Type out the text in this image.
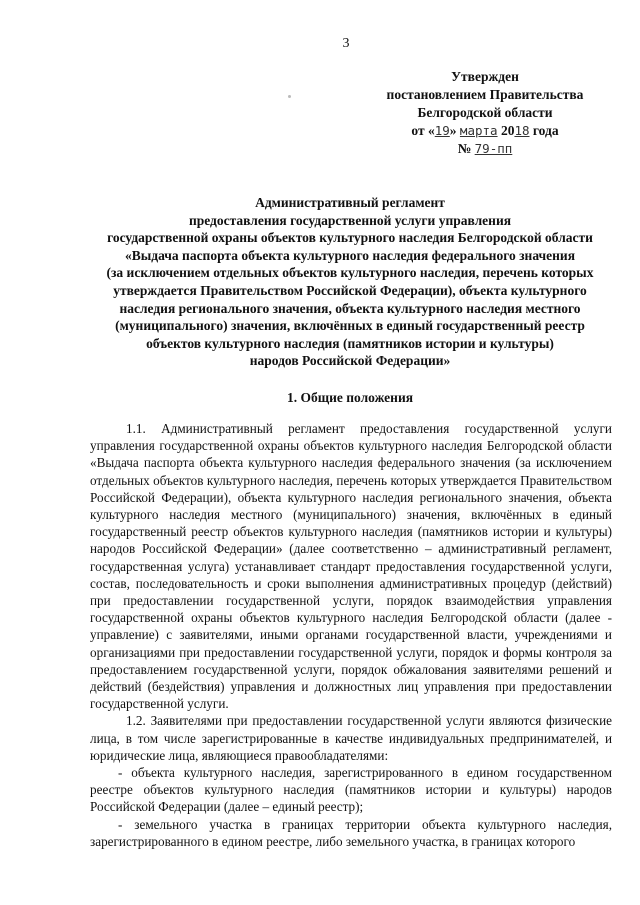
3
Утвержден
постановлением Правительства
Белгородской области
от «19» марта 2018 года
№ 79-пп
Административный регламент
предоставления государственной услуги управления
государственной охраны объектов культурного наследия Белгородской области
«Выдача паспорта объекта культурного наследия федерального значения
(за исключением отдельных объектов культурного наследия, перечень которых
утверждается Правительством Российской Федерации), объекта культурного
наследия регионального значения, объекта культурного наследия местного
(муниципального) значения, включённых в единый государственный реестр
объектов культурного наследия (памятников истории и культуры)
народов Российской Федерации»
1. Общие положения

1.1. Административный регламент предоставления государственной услуги управления государственной охраны объектов культурного наследия Белгородской области «Выдача паспорта объекта культурного наследия федерального значения (за исключением отдельных объектов культурного наследия, перечень которых утверждается Правительством Российской Федерации), объекта культурного наследия регионального значения, объекта культурного наследия местного (муниципального) значения, включённых в единый государственный реестр объектов культурного наследия (памятников истории и культуры) народов Российской Федерации» (далее соответственно – административный регламент, государственная услуга) устанавливает стандарт предоставления государственной услуги, состав, последовательность и сроки выполнения административных процедур (действий) при предоставлении государственной услуги, порядок взаимодействия управления государственной охраны объектов культурного наследия Белгородской области (далее - управление) с заявителями, иными органами государственной власти, учреждениями и организациями при предоставлении государственной услуги, порядок и формы контроля за предоставлением государственной услуги, порядок обжалования заявителями решений и действий (бездействия) управления и должностных лиц управления при предоставлении государственной услуги.

1.2. Заявителями при предоставлении государственной услуги являются физические лица, в том числе зарегистрированные в качестве индивидуальных предпринимателей, и юридические лица, являющиеся правообладателями:

- объекта культурного наследия, зарегистрированного в едином государственном реестре объектов культурного наследия (памятников истории и культуры) народов Российской Федерации (далее – единый реестр);

- земельного участка в границах территории объекта культурного наследия, зарегистрированного в едином реестре, либо земельного участка, в границах которого
